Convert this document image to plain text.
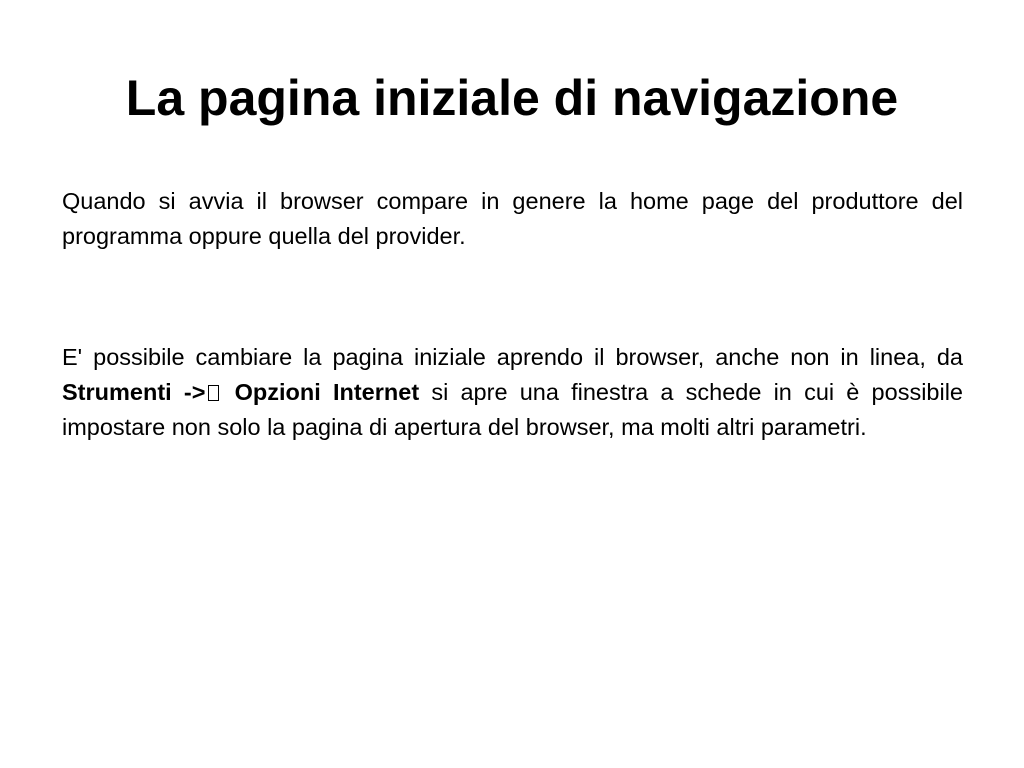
La pagina iniziale di navigazione

Quando si avvia il browser compare in genere la home page del produttore del programma oppure quella del provider.

E' possibile cambiare la pagina iniziale aprendo il browser, anche non in linea, da Strumenti -> Opzioni Internet si apre una finestra a schede in cui è possibile impostare non solo la pagina di apertura del browser, ma molti altri parametri.
